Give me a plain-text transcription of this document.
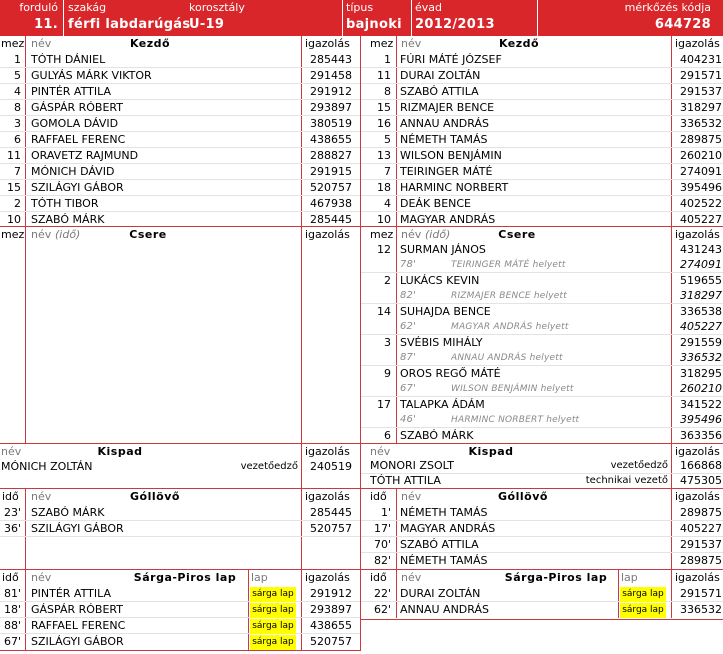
forduló
11.
szakág
férfi labdarúgás
korosztály
U-19
típus
bajnoki
évad
2012/2013
mérkőzés kódja
644728
mez név	Kezdő	igazolás
1 TÓTH DÁNIEL	285443
5 GULYÁS MÁRK VIKTOR	291458
4 PINTÉR ATTILA	291912
8 GÁSPÁR RÓBERT	293897
3 GOMOLA DÁVID	380519
6 RAFFAEL FERENC	438655
11 ORAVETZ RAJMUND	288827
7 MÓNICH DÁVID	291915
15 SZILÁGYI GÁBOR	520757
2 TÓTH TIBOR	467938
10 SZABÓ MÁRK	285445
mez név	Kezdő	igazolás
1 FÚRI MÁTÉ JÓZSEF	404231
11 DURAI ZOLTÁN	291571
8 SZABÓ ATTILA	291537
15 RIZMAJER BENCE	318297
16 ANNAU ANDRÁS	336532
5 NÉMETH TAMÁS	289875
13 WILSON BENJÁMIN	260210
7 TEIRINGER MÁTÉ	274091
18 HARMINC NORBERT	395496
4 DEÁK BENCE	402522
10 MAGYAR ANDRÁS	405227
mez név (idő)	Csere	igazolás mez név (idő)	Csere	igazolás
12 SURMAN JÁNOS	431243
78'	TEIRINGER MÁTÉ helyett	274091
2 LUKÁCS KEVIN	519655
82'	RIZMAJER BENCE helyett	318297
14 SUHAJDA BENCE	336538
62'	MAGYAR ANDRÁS helyett	405227
3 SVÉBIS MIHÁLY	291559
87'	ANNAU ANDRÁS helyett	336532
9 OROS REGŐ MÁTÉ	318295
67'	WILSON BENJÁMIN helyett	260210
17 TALAPKA ÁDÁM	341522
46'	HARMINC NORBERT helyett	395496
6 SZABÓ MÁRK	363356
név	Kispad	igazolás
MÓNICH ZOLTÁN	vezetőedző	240519
név	Kispad	igazolás
MONORI ZSOLT	vezetőedző	166868
TÓTH ATTILA	technikai vezető	475305
idő név	Góllövő	igazolás
23' SZABÓ MÁRK	285445
36' SZILÁGYI GÁBOR	520757
idő név	Góllövő	igazolás
1' NÉMETH TAMÁS	289875
17' MAGYAR ANDRÁS	405227
70' SZABÓ ATTILA	291537
82' NÉMETH TAMÁS	289875
idő név	Sárga-Piros lap	lap	igazolás
81' PINTÉR ATTILA	sárga lap	291912
18' GÁSPÁR RÓBERT	sárga lap	293897
88' RAFFAEL FERENC	sárga lap	438655
67' SZILÁGYI GÁBOR	sárga lap	520757
idő név	Sárga-Piros lap	lap	igazolás
22' DURAI ZOLTÁN	sárga lap	291571
62' ANNAU ANDRÁS	sárga lap	336532
